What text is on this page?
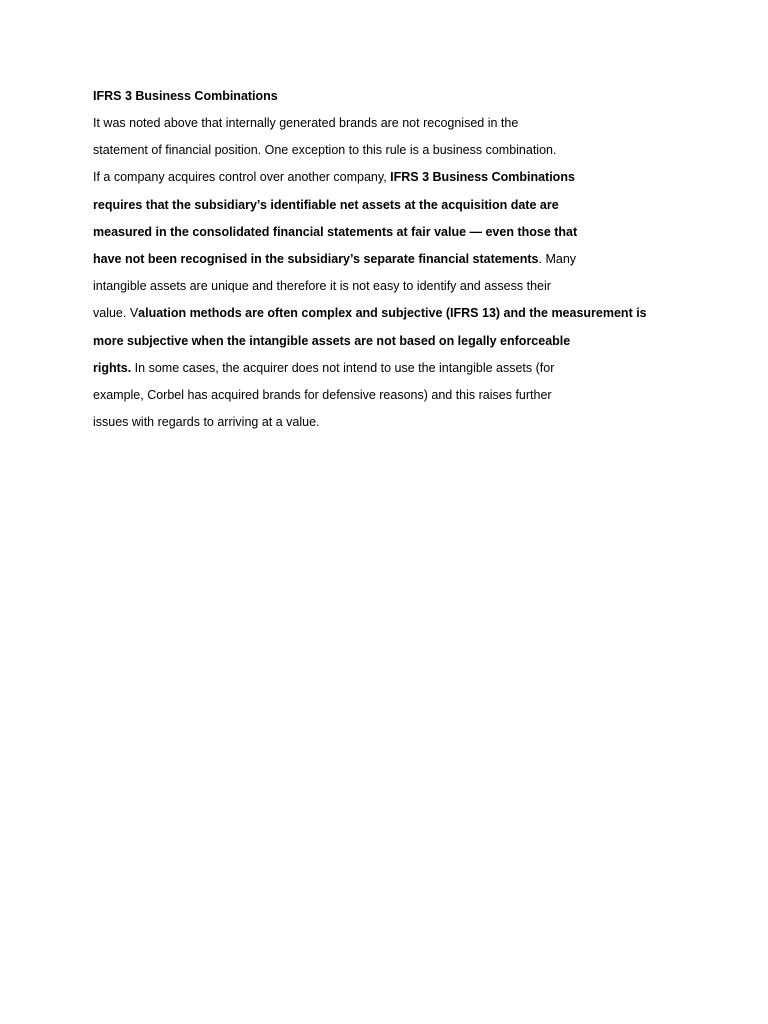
IFRS 3 Business Combinations
It was noted above that internally generated brands are not recognised in the
statement of financial position. One exception to this rule is a business combination.
If a company acquires control over another company, IFRS 3 Business Combinations
requires that the subsidiary’s identifiable net assets at the acquisition date are
measured in the consolidated financial statements at fair value — even those that
have not been recognised in the subsidiary’s separate financial statements. Many
intangible assets are unique and therefore it is not easy to identify and assess their
value. Valuation methods are often complex and subjective (IFRS 13) and the measurement is
more subjective when the intangible assets are not based on legally enforceable
rights. In some cases, the acquirer does not intend to use the intangible assets (for
example, Corbel has acquired brands for defensive reasons) and this raises further
issues with regards to arriving at a value.
